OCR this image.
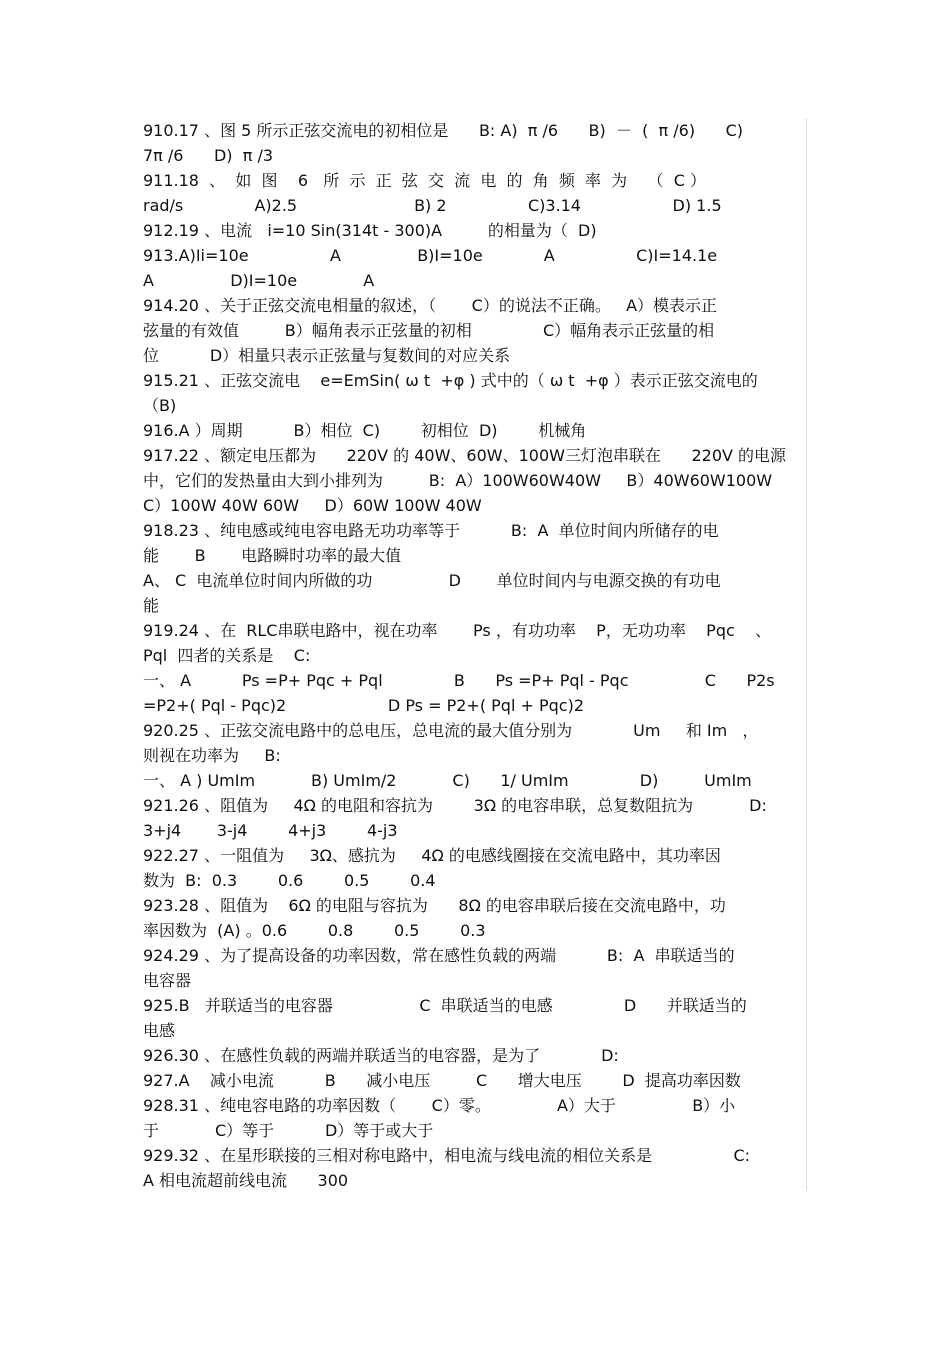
910.17 、图 5 所示正弦交流电的初相位是      B: A)  π /6      B)  －  (  π /6)      C)
7π /6      D)  π /3
911.18  、  如  图    6   所  示  正  弦  交  流  电  的  角  频  率  为    （  C ）
rad/s              A)2.5                       B) 2                C)3.14                  D) 1.5
912.19 、电流   i=10 Sin(314t - 300)A         的相量为（  D)
913.A)Ii=10e                A               B)I=10e            A                C)I=14.1e
A               D)I=10e             A
914.20 、关于正弦交流电相量的叙述，（       C）的说法不正确。   A）模表示正
弦量的有效值         B）幅角表示正弦量的初相              C）幅角表示正弦量的相
位          D）相量只表示正弦量与复数间的对应关系
915.21 、正弦交流电    e=EmSin( ω t  +φ ) 式中的（ ω t  +φ ）表示正弦交流电的
（B)
916.A ）周期          B）相位  C)        初相位  D)        机械角
917.22 、额定电压都为      220V 的 40W、60W、100W三灯泡串联在      220V 的电源
中，它们的发热量由大到小排列为         B:  A）100W60W40W     B）40W60W100W
C）100W 40W 60W     D）60W 100W 40W
918.23 、纯电感或纯电容电路无功功率等于          B:  A  单位时间内所储存的电
能       B       电路瞬时功率的最大值
A、 C  电流单位时间内所做的功               D       单位时间内与电源交换的有功电
能
919.24 、在  RLC串联电路中，视在功率       Ps ，有功功率    P，无功功率    Pqc    、
Pql  四者的关系是    C:
一、 A          Ps =P+ Pqc + Pql              B      Ps =P+ Pql - Pqc               C      P2s
=P2+( Pql - Pqc)2                    D Ps = P2+( Pql + Pqc)2
920.25 、正弦交流电路中的总电压，总电流的最大值分别为            Um     和 Im   ，
则视在功率为     B:
一、 A ) UmIm           B) UmIm/2           C)      1/ UmIm              D)         UmIm
921.26 、阻值为     4Ω 的电阻和容抗为        3Ω 的电容串联，总复数阻抗为           D:
3+j4       3-j4        4+j3        4-j3
922.27 、一阻值为     3Ω、感抗为     4Ω 的电感线圈接在交流电路中，其功率因
数为  B:  0.3        0.6        0.5        0.4
923.28 、阻值为    6Ω 的电阻与容抗为      8Ω 的电容串联后接在交流电路中，功
率因数为  (A) 。0.6        0.8        0.5        0.3
924.29 、为了提高设备的功率因数，常在感性负载的两端          B:  A  串联适当的
电容器
925.B   并联适当的电容器                 C  串联适当的电感              D      并联适当的
电感
926.30 、在感性负载的两端并联适当的电容器，是为了            D:
927.A    减小电流          B      减小电压         C      增大电压        D  提高功率因数
928.31 、纯电容电路的功率因数（       C）零。             A）大于               B）小
于           C）等于          D）等于或大于
929.32 、在星形联接的三相对称电路中，相电流与线电流的相位关系是                C:
A 相电流超前线电流      300
